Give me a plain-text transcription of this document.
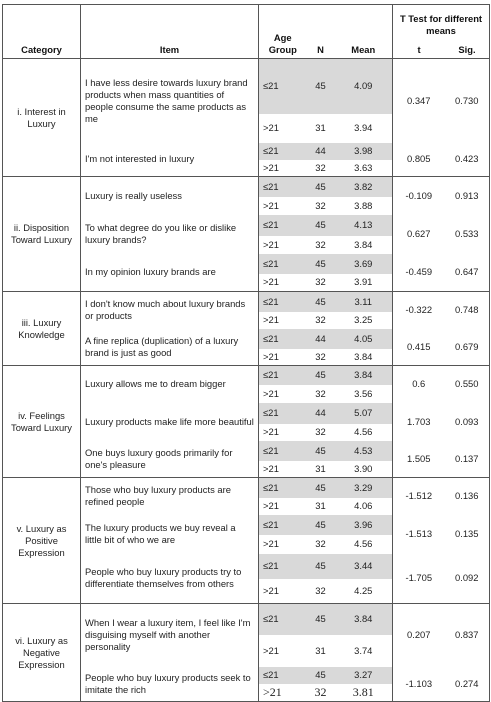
Category	Item	Age Group	N	Mean	T Test for different means
t Sig.	

i. Interest in Luxury	I have less desire towards luxury brand products when mass quantities of people consume the same products as me	≤21	45	4.09	0.347	0.730
		>21	31	3.94		
	I'm not interested in luxury	≤21	44	3.98	0.805	0.423
		>21	32	3.63		
ii. Disposition Toward Luxury	Luxury is really useless	≤21	45	3.82	-0.109	0.913
		>21	32	3.88		
	To what degree do you like or dislike luxury brands?	≤21	45	4.13	0.627	0.533
		>21	32	3.84		
	In my opinion luxury brands are	≤21	45	3.69	-0.459	0.647
		>21	32	3.91		
iii. Luxury Knowledge	I don't know much about luxury brands or products	≤21	45	3.11	-0.322	0.748
		>21	32	3.25		
	A fine replica (duplication) of a luxury brand is just as good	≤21	44	4.05	0.415	0.679
		>21	32	3.84		
iv. Feelings Toward Luxury	Luxury allows me to dream bigger	≤21	45	3.84	0.6	0.550
		>21	32	3.56		
	Luxury products make life more beautiful	≤21	44	5.07	1.703	0.093
		>21	32	4.56		
	One buys luxury goods primarily for one's pleasure	≤21	45	4.53	1.505	0.137
		>21	31	3.90		
v. Luxury as Positive Expression	Those who buy luxury products are refined people	≤21	45	3.29	-1.512	0.136
		>21	31	4.06		
	The luxury products we buy reveal a little bit of who we are	≤21	45	3.96	-1.513	0.135
		>21	32	4.56		
	People who buy luxury products try to differentiate themselves from others	≤21	45	3.44	-1.705	0.092
		>21	32	4.25		
vi. Luxury as Negative Expression	When I wear a luxury item, I feel like I'm disguising myself with another personality	≤21	45	3.84	0.207	0.837
		>21	31	3.74		
	People who buy luxury products seek to imitate the rich	≤21	45	3.27	-1.103	0.274
		>21	32	3.81		
